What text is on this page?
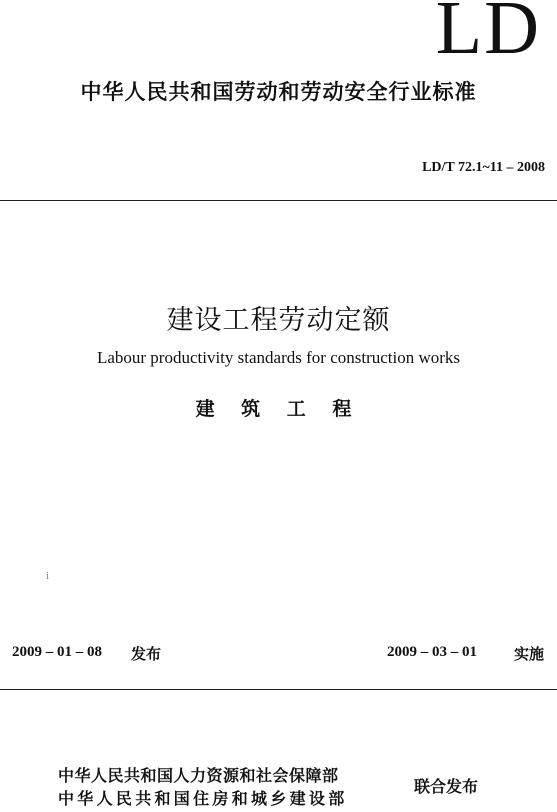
LD
中华人民共和国劳动和劳动安全行业标准
LD/T 72.1~11 – 2008
建设工程劳动定额
Labour productivity standards for construction works
建 筑 工 程
i
2009 – 01 – 08 发布	2009 – 03 – 01 实施
中华人民共和国人力资源和社会保障部
中华人民共和国住房和城乡建设部
联合发布
